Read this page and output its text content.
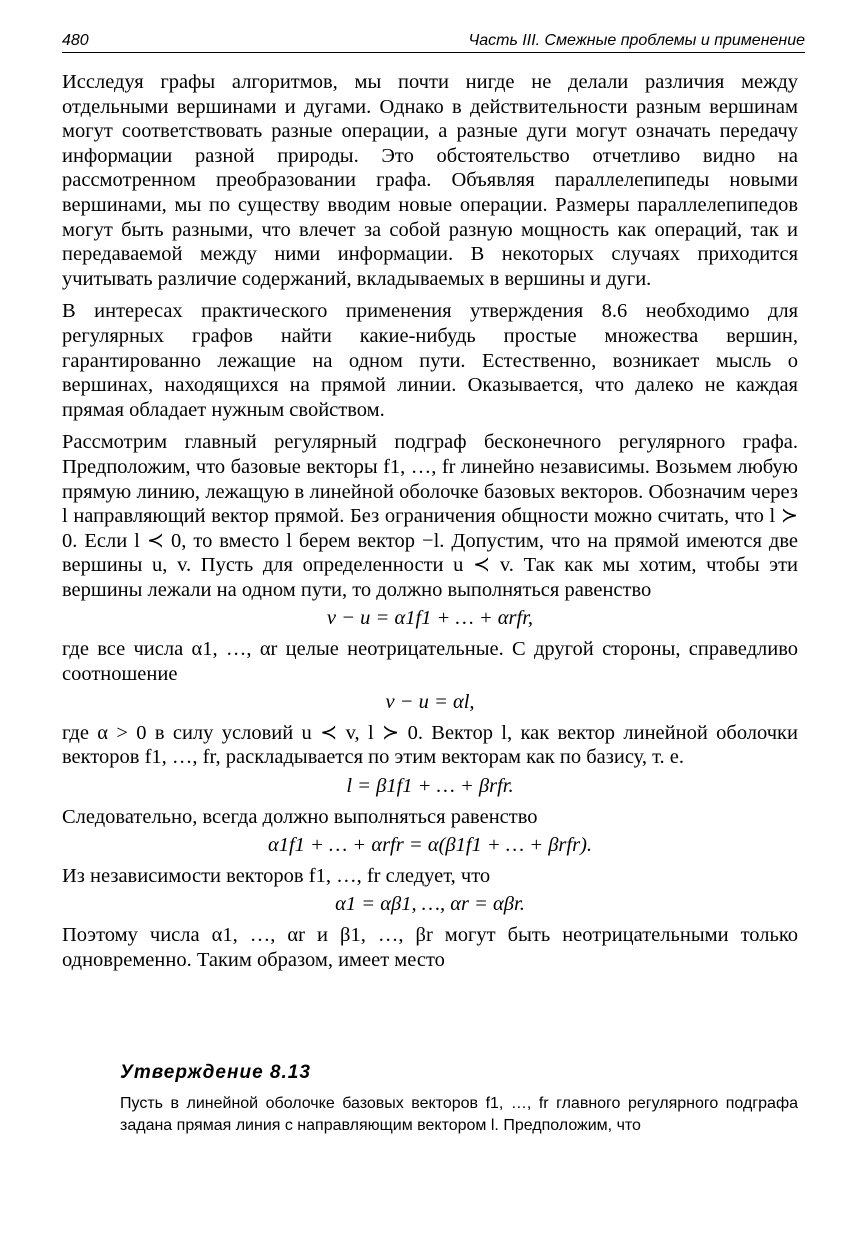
480	Часть III. Смежные проблемы и применение

Исследуя графы алгоритмов, мы почти нигде не делали различия между отдельными вершинами и дугами. Однако в действительности разным вершинам могут соответствовать разные операции, а разные дуги могут означать передачу информации разной природы. Это обстоятельство отчетливо видно на рассмотренном преобразовании графа. Объявляя параллелепипеды новыми вершинами, мы по существу вводим новые операции. Размеры параллелепипедов могут быть разными, что влечет за собой разную мощность как операций, так и передаваемой между ними информации. В некоторых случаях приходится учитывать различие содержаний, вкладываемых в вершины и дуги.

В интересах практического применения утверждения 8.6 необходимо для регулярных графов найти какие-нибудь простые множества вершин, гарантированно лежащие на одном пути. Естественно, возникает мысль о вершинах, находящихся на прямой линии. Оказывается, что далеко не каждая прямая обладает нужным свойством.

Рассмотрим главный регулярный подграф бесконечного регулярного графа. Предположим, что базовые векторы f1, …, fr линейно независимы. Возьмем любую прямую линию, лежащую в линейной оболочке базовых векторов. Обозначим через l направляющий вектор прямой. Без ограничения общности можно считать, что l ≻ 0. Если l ≺ 0, то вместо l берем вектор −l. Допустим, что на прямой имеются две вершины u, v. Пусть для определенности u ≺ v. Так как мы хотим, чтобы эти вершины лежали на одном пути, то должно выполняться равенство

v − u = α1f1 + … + αrfr,

где все числа α1, …, αr целые неотрицательные. С другой стороны, справедливо соотношение

v − u = αl,

где α > 0 в силу условий u ≺ v, l ≻ 0. Вектор l, как вектор линейной оболочки векторов f1, …, fr, раскладывается по этим векторам как по базису, т. е.

l = β1f1 + … + βrfr.

Следовательно, всегда должно выполняться равенство

α1f1 + … + αrfr = α(β1f1 + … + βrfr).

Из независимости векторов f1, …, fr следует, что

α1 = αβ1, …, αr = αβr.

Поэтому числа α1, …, αr и β1, …, βr могут быть неотрицательными только одновременно. Таким образом, имеет место

Утверждение 8.13
Пусть в линейной оболочке базовых векторов f1, …, fr главного регулярного подграфа задана прямая линия с направляющим вектором l. Предположим, что
